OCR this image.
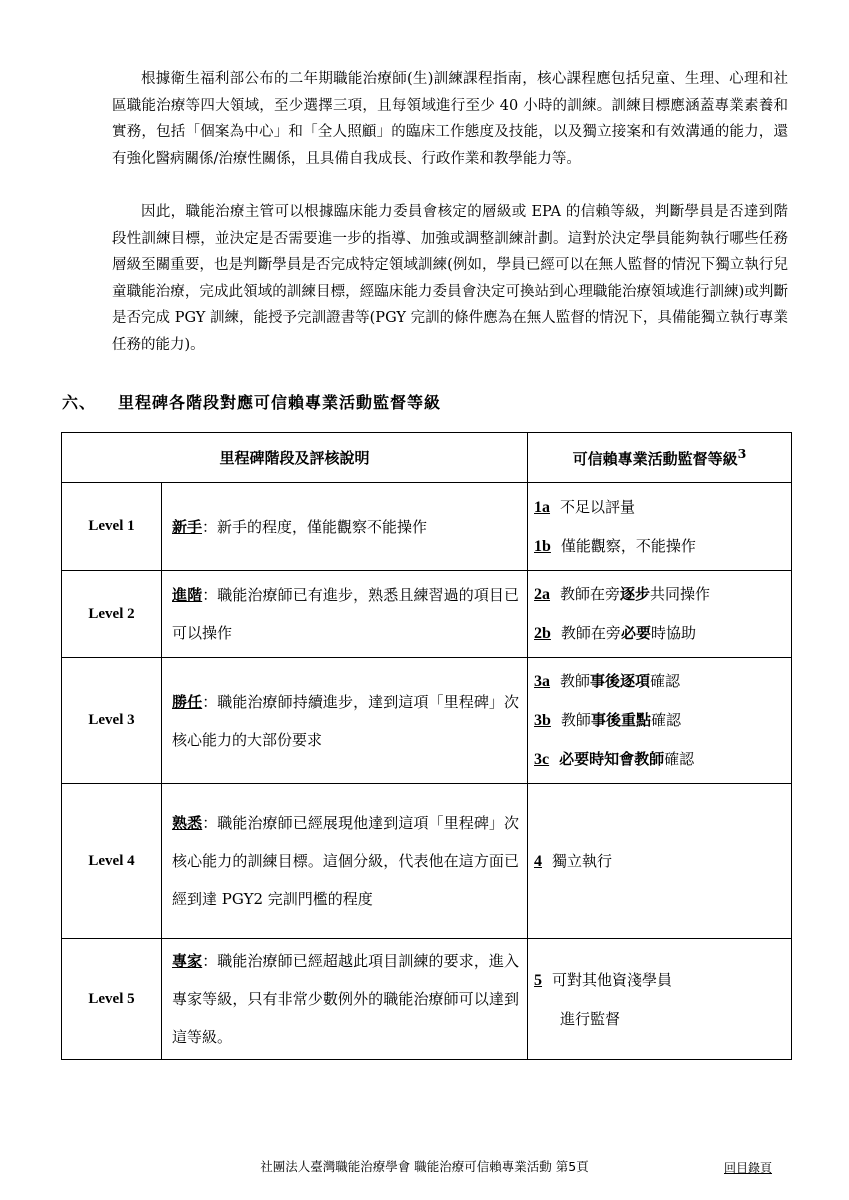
根據衛生福利部公布的二年期職能治療師(生)訓練課程指南，核心課程應包括兒童、生理、心理和社區職能治療等四大領域，至少選擇三項，且每領域進行至少 40 小時的訓練。訓練目標應涵蓋專業素養和實務，包括「個案為中心」和「全人照顧」的臨床工作態度及技能，以及獨立接案和有效溝通的能力，還有強化醫病關係/治療性關係，且具備自我成長、行政作業和教學能力等。

因此，職能治療主管可以根據臨床能力委員會核定的層級或 EPA 的信賴等級，判斷學員是否達到階段性訓練目標，並決定是否需要進一步的指導、加強或調整訓練計劃。這對於決定學員能夠執行哪些任務層級至關重要，也是判斷學員是否完成特定領域訓練(例如，學員已經可以在無人監督的情況下獨立執行兒童職能治療，完成此領域的訓練目標，經臨床能力委員會決定可換站到心理職能治療領域進行訓練)或判斷是否完成 PGY 訓練，能授予完訓證書等(PGY 完訓的條件應為在無人監督的情況下，具備能獨立執行專業任務的能力)。

六、 里程碑各階段對應可信賴專業活動監督等級
里程碑階段及評核說明		可信賴專業活動監督等級$^3$
Level 1	新手：新手的程度，僅能觀察不能操作	1a 不足以評量
1b 僅能觀察，不能操作

Level 2	進階：職能治療師已有進步，熟悉且練習過的項目已可以操作	2a 教師在旁逐步共同操作
2b 教師在旁必要時協助

Level 3	勝任：職能治療師持續進步，達到這項「里程碑」次核心能力的大部份要求	3a 教師事後逐項確認
3b 教師事後重點確認
3c 必要時知會教師確認

Level 4	熟悉：職能治療師已經展現他達到這項「里程碑」次核心能力的訓練目標。這個分級，代表他在這方面已經到達 PGY2 完訓門檻的程度	4 獨立執行

Level 5	專家：職能治療師已經超越此項目訓練的要求，進入專家等級，只有非常少數例外的職能治療師可以達到這等級。	5 可對其他資淺學員
進行監督
社團法人臺灣職能治療學會 職能治療可信賴專業活動 第5頁	回目錄頁
